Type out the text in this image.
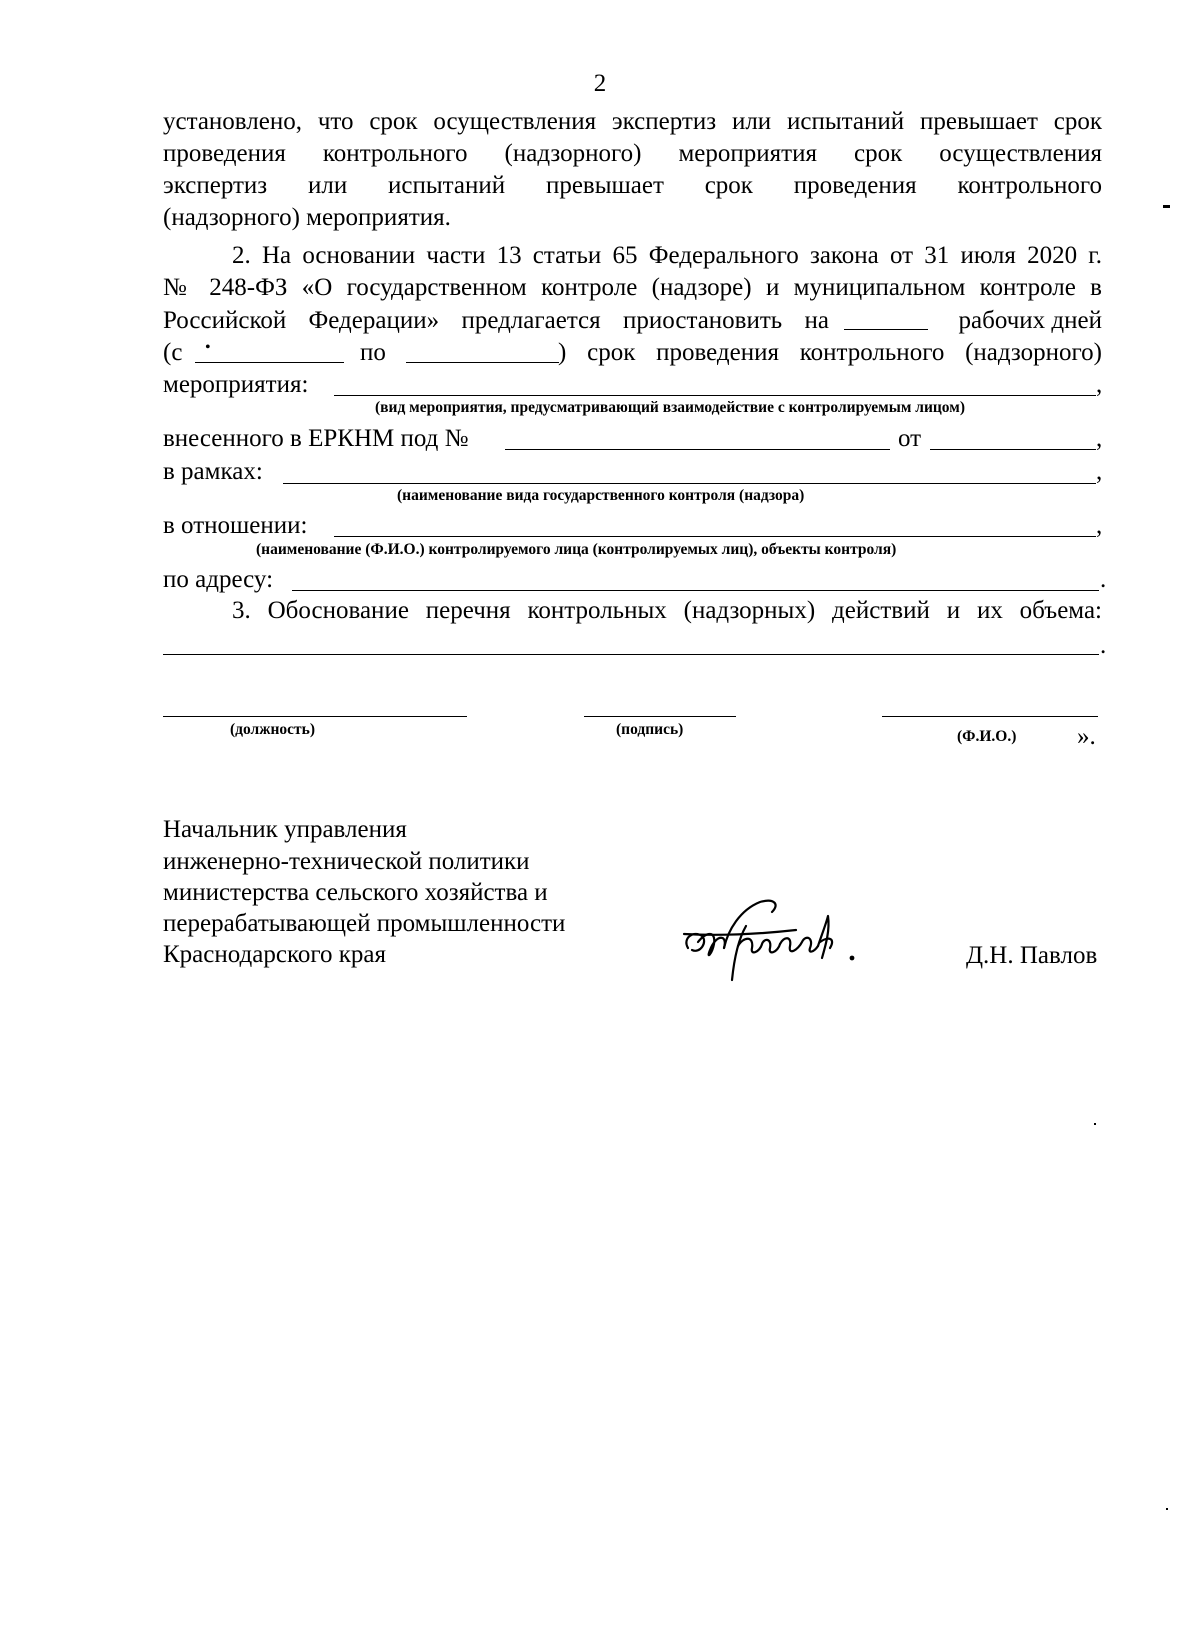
2
установлено, что срок осуществления экспертиз или испытаний превышает срок
проведения контрольного (надзорного) мероприятия срок осуществления
экспертиз или испытаний превышает срок проведения контрольного
(надзорного) мероприятия.
2. На основании части 13 статьи 65 Федерального закона от 31 июля 2020 г.
№ 248-ФЗ «О государственном контроле (надзоре) и муниципальном контроле в
Российской Федерации» предлагается приостановить на	рабочих дней
(с •	по	) срок проведения контрольного (надзорного)
мероприятия:	,
(вид мероприятия, предусматривающий взаимодействие с контролируемым лицом)
внесенного в ЕРКНМ под №	от	,
в рамках:	,
(наименование вида государственного контроля (надзора)
в отношении:	,
(наименование (Ф.И.О.) контролируемого лица (контролируемых лиц), объекты контроля)
по адресу:	.
3. Обоснование перечня контрольных (надзорных) действий и их объема:
.
(должность)	(подпись)	(Ф.И.О.) ».
Начальник управления
инженерно-технической политики
министерства сельского хозяйства и
перерабатывающей промышленности
Краснодарского края	Д.Н. Павлов
